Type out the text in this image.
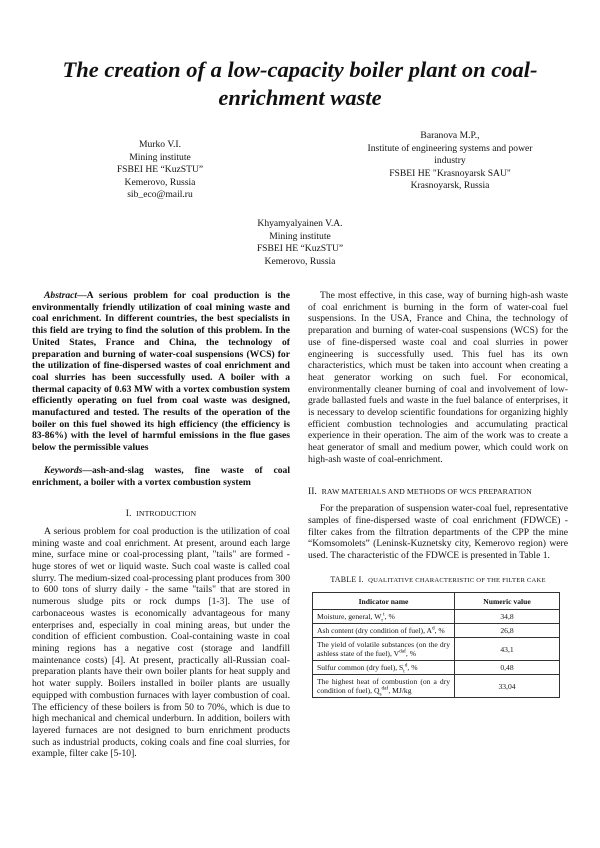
The creation of a low-capacity boiler plant on coal-enrichment waste
Murko V.I.
Mining institute
FSBEI HE “KuzSTU”
Kemerovo, Russia
sib_eco@mail.ru
Baranova M.P.,
Institute of engineering systems and power
industry
FSBEI HE "Krasnoyarsk SAU"
Krasnoyarsk, Russia
Khyamyalyainen V.A.
Mining institute
FSBEI HE “KuzSTU”
Kemerovo, Russia
Abstract—A serious problem for coal production is the environmentally friendly utilization of coal mining waste and coal enrichment. In different countries, the best specialists in this field are trying to find the solution of this problem. In the United States, France and China, the technology of preparation and burning of water-coal suspensions (WCS) for the utilization of fine-dispersed wastes of coal enrichment and coal slurries has been successfully used. A boiler with a thermal capacity of 0.63 MW with a vortex combustion system efficiently operating on fuel from coal waste was designed, manufactured and tested. The results of the operation of the boiler on this fuel showed its high efficiency (the efficiency is 83-86%) with the level of harmful emissions in the flue gases below the permissible values
Keywords—ash-and-slag wastes, fine waste of coal enrichment, a boiler with a vortex combustion system
I. INTRODUCTION
A serious problem for coal production is the utilization of coal mining waste and coal enrichment. At present, around each large mine, surface mine or coal-processing plant, "tails" are formed - huge stores of wet or liquid waste. Such coal waste is called coal slurry. The medium-sized coal-processing plant produces from 300 to 600 tons of slurry daily - the same "tails" that are stored in numerous sludge pits or rock dumps [1-3]. The use of carbonaceous wastes is economically advantageous for many enterprises and, especially in coal mining areas, but under the condition of efficient combustion. Coal-containing waste in coal mining regions has a negative cost (storage and landfill maintenance costs) [4]. At present, practically all-Russian coal-preparation plants have their own boiler plants for heat supply and hot water supply. Boilers installed in boiler plants are usually equipped with combustion furnaces with layer combustion of coal. The efficiency of these boilers is from 50 to 70%, which is due to high mechanical and chemical underburn. In addition, boilers with layered furnaces are not designed to burn enrichment products such as industrial products, coking coals and fine coal slurries, for example, filter cake [5-10].
The most effective, in this case, way of burning high-ash waste of coal enrichment is burning in the form of water-coal fuel suspensions. In the USA, France and China, the technology of preparation and burning of water-coal suspensions (WCS) for the use of fine-dispersed waste coal and coal slurries in power engineering is successfully used. This fuel has its own characteristics, which must be taken into account when creating a heat generator working on such fuel. For economical, environmentally cleaner burning of coal and involvement of low-grade ballasted fuels and waste in the fuel balance of enterprises, it is necessary to develop scientific foundations for organizing highly efficient combustion technologies and accumulating practical experience in their operation. The aim of the work was to create a heat generator of small and medium power, which could work on high-ash waste of coal-enrichment.
II. RAW MATERIALS AND METHODS OF WCS PREPARATION
For the preparation of suspension water-coal fuel, representative samples of fine-dispersed waste of coal enrichment (FDWCE) - filter cakes from the filtration departments of the CPP the mine “Komsomolets” (Leninsk-Kuznetsky city, Kemerovo region) were used. The characteristic of the FDWCE is presented in Table 1.
TABLE I. QUALITATIVE CHARACTERISTIC OF THE FILTER CAKE
Indicator name	Numeric value
Moisture, general, $W_r^t$, %	34,8
Ash content (dry condition of fuel), $A^d$, %	26,8
The yield of volatile substances (on the dry ashless state of the fuel), $V^{daf}$, %	43,1
Sulfur common (dry fuel), $S_t^d$, %	0,48
The highest heat of combustion (on a dry condition of fuel), $Q_s^{daf}$, MJ/kg	33,04
